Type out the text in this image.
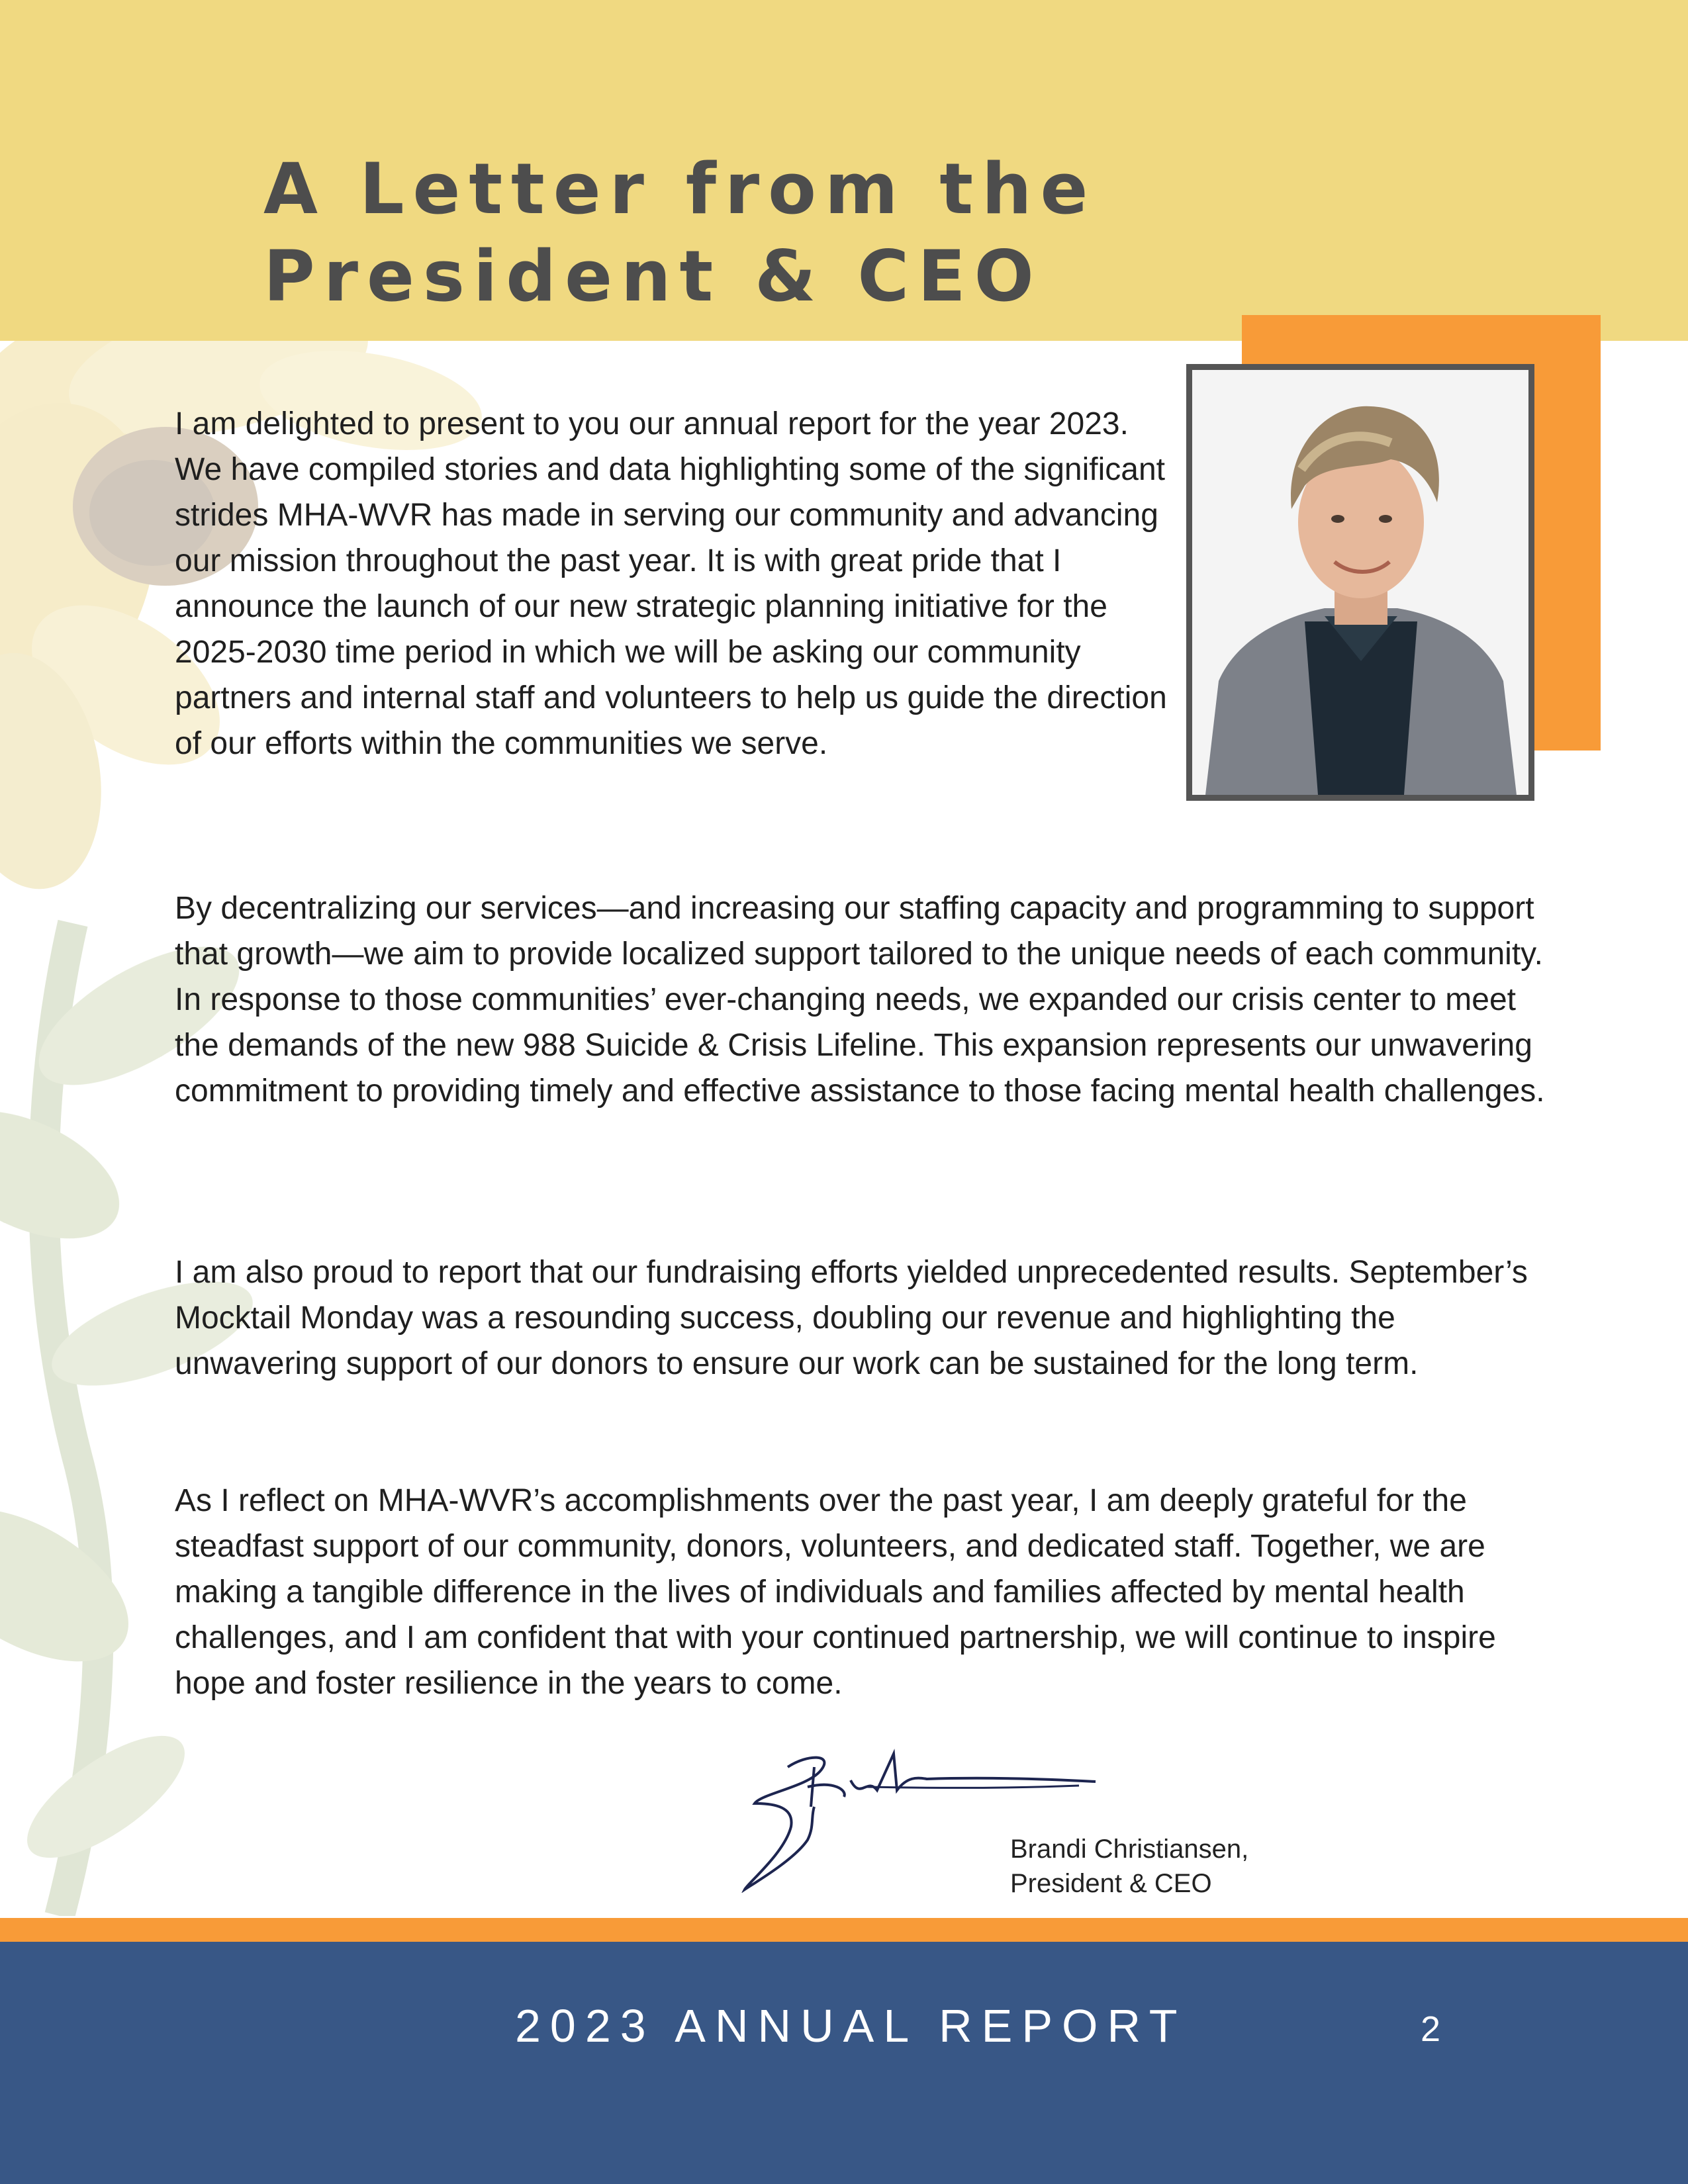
A Letter from the
President & CEO

I am delighted to present to you our annual report for the year 2023. We have compiled stories and data highlighting some of the significant strides MHA-WVR has made in serving our community and advancing our mission throughout the past year. It is with great pride that I announce the launch of our new strategic planning initiative for the 2025-2030 time period in which we will be asking our community partners and internal staff and volunteers to help us guide the direction of our efforts within the communities we serve.

By decentralizing our services—and increasing our staffing capacity and programming to support that growth—we aim to provide localized support tailored to the unique needs of each community. In response to those communities’ ever-changing needs, we expanded our crisis center to meet the demands of the new 988 Suicide & Crisis Lifeline. This expansion represents our unwavering commitment to providing timely and effective assistance to those facing mental health challenges.

I am also proud to report that our fundraising efforts yielded unprecedented results. September’s Mocktail Monday was a resounding success, doubling our revenue and highlighting the unwavering support of our donors to ensure our work can be sustained for the long term.

As I reflect on MHA-WVR’s accomplishments over the past year, I am deeply grateful for the steadfast support of our community, donors, volunteers, and dedicated staff. Together, we are making a tangible difference in the lives of individuals and families affected by mental health challenges, and I am confident that with your continued partnership, we will continue to inspire hope and foster resilience in the years to come.

Brandi Christiansen,
President & CEO
2023 ANNUAL REPORT	2
